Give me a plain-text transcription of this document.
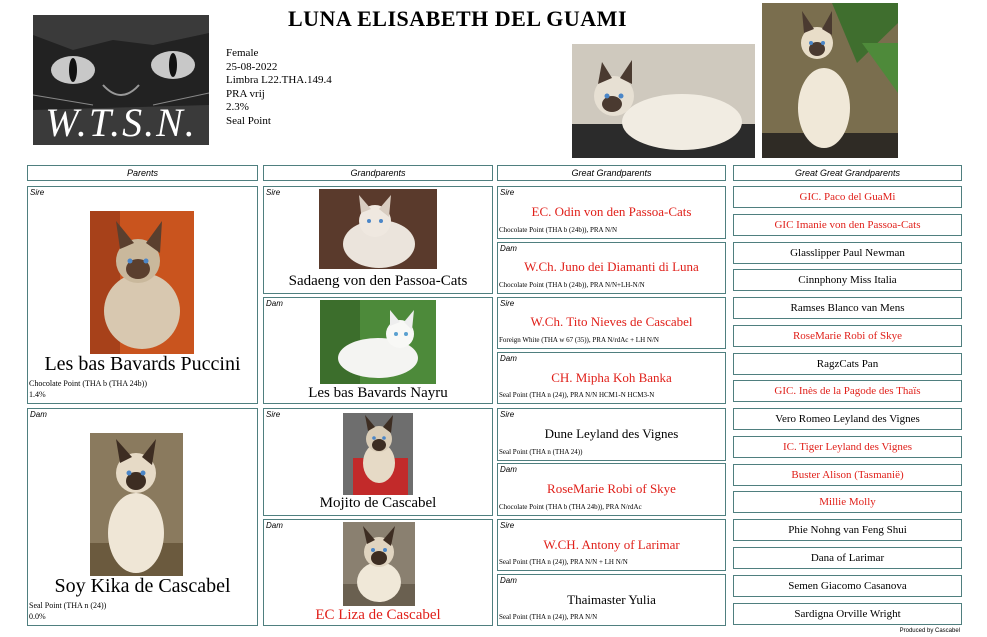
W.T.S.N.
LUNA ELISABETH DEL GUAMI
Female
25-08-2022
Limbra L22.THA.149.4
PRA vrij
2.3%
Seal Point
Parents	Grandparents	Great Grandparents	Great Great Grandparents
Sire
Les bas Bavards Puccini
Chocolate Point (THA b (THA 24b))
1.4%
Dam
Soy Kika de Cascabel
Seal Point (THA n (24))
0.0%
Sire
Sadaeng von den Passoa-Cats
Dam
Les bas Bavards Nayru
Sire
Mojito de Cascabel
Dam
EC Liza de Cascabel
Sire
EC. Odin von den Passoa-Cats
Chocolate Point (THA b (24b)), PRA N/N
Dam
W.Ch. Juno dei Diamanti di Luna
Chocolate Point (THA b (24b)), PRA N/N+LH-N/N
Sire
W.Ch. Tito Nieves de Cascabel
Foreign White (THA w 67 (35)), PRA N/rdAc + LH N/N
Dam
CH. Mipha Koh Banka
Seal Point (THA n (24)), PRA N/N HCM1-N HCM3-N
Sire
Dune Leyland des Vignes
Seal Point (THA n (THA 24))
Dam
RoseMarie Robi of Skye
Chocolate Point (THA b (THA 24b)), PRA N/rdAc
Sire
W.CH. Antony of Larimar
Seal Point (THA n (24)), PRA N/N + LH N/N
Dam
Thaimaster Yulia
Seal Point (THA n (24)), PRA N/N
GIC. Paco del GuaMi
GIC Imanie von den Passoa-Cats
Glasslipper Paul Newman
Cinnphony Miss Italia
Ramses Blanco van Mens
RoseMarie Robi of Skye
RagzCats Pan
GIC. Inès de la Pagode des Thaïs
Vero Romeo Leyland des Vignes
IC. Tiger Leyland des Vignes
Buster Alison (Tasmanië)
Millie Molly
Phie Nohng van Feng Shui
Dana of Larimar
Semen Giacomo Casanova
Sardigna Orville Wright
Produced by Cascabel
